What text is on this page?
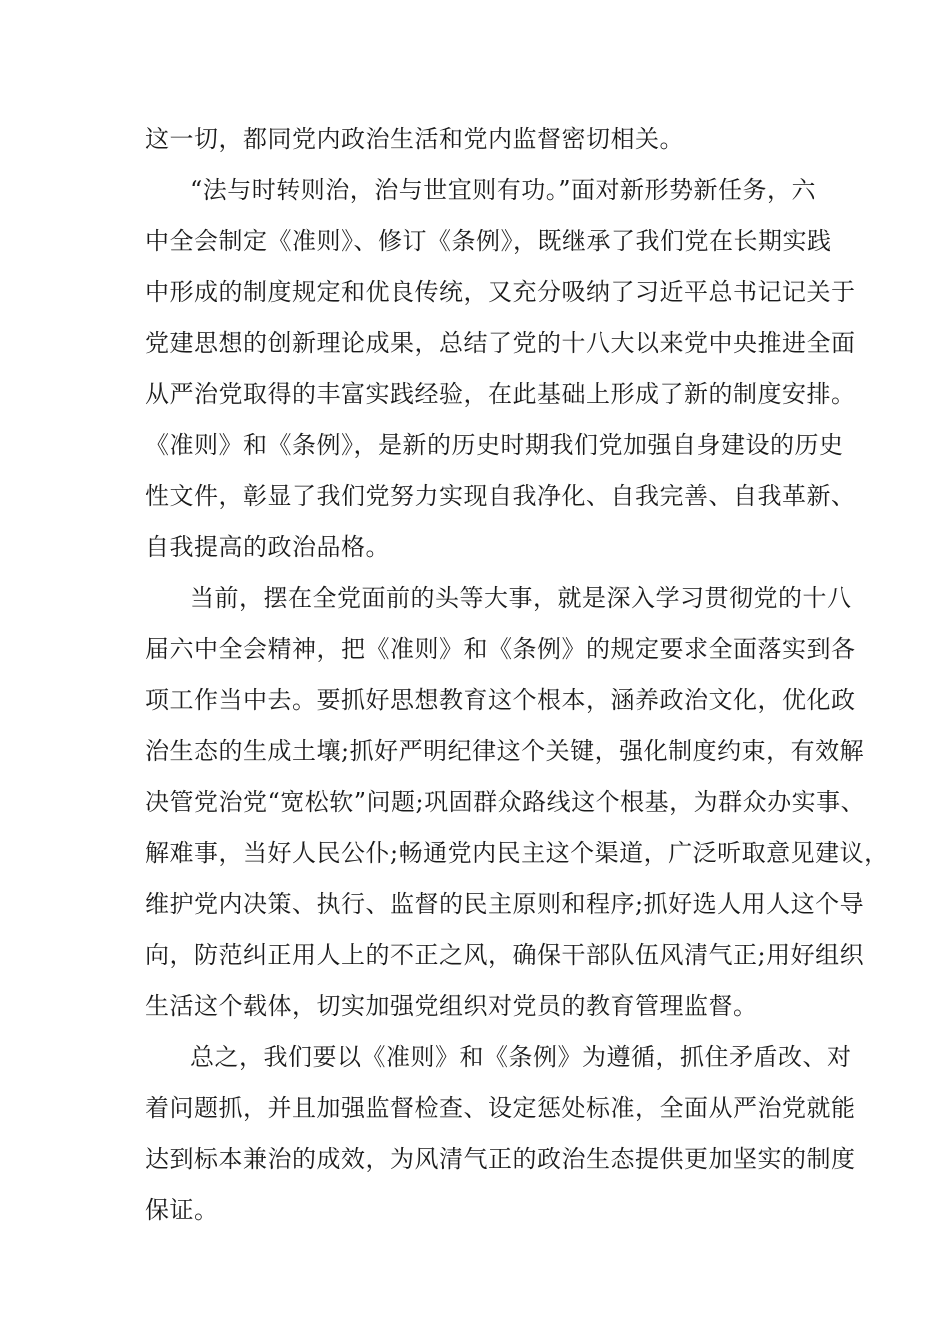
这一切，都同党内政治生活和党内监督密切相关。
“法与时转则治，治与世宜则有功。”面对新形势新任务，六
中全会制定《准则》、修订《条例》，既继承了我们党在长期实践
中形成的制度规定和优良传统，又充分吸纳了习近平总书记记关于
党建思想的创新理论成果，总结了党的十八大以来党中央推进全面
从严治党取得的丰富实践经验，在此基础上形成了新的制度安排。
《准则》和《条例》，是新的历史时期我们党加强自身建设的历史
性文件，彰显了我们党努力实现自我净化、自我完善、自我革新、
自我提高的政治品格。
当前，摆在全党面前的头等大事，就是深入学习贯彻党的十八
届六中全会精神，把《准则》和《条例》的规定要求全面落实到各
项工作当中去。要抓好思想教育这个根本，涵养政治文化，优化政
治生态的生成土壤;抓好严明纪律这个关键，强化制度约束，有效解
决管党治党“宽松软”问题;巩固群众路线这个根基，为群众办实事、
解难事，当好人民公仆;畅通党内民主这个渠道，广泛听取意见建议，
维护党内决策、执行、监督的民主原则和程序;抓好选人用人这个导
向，防范纠正用人上的不正之风，确保干部队伍风清气正;用好组织
生活这个载体，切实加强党组织对党员的教育管理监督。
总之，我们要以《准则》和《条例》为遵循，抓住矛盾改、对
着问题抓，并且加强监督检查、设定惩处标准，全面从严治党就能
达到标本兼治的成效，为风清气正的政治生态提供更加坚实的制度
保证。
